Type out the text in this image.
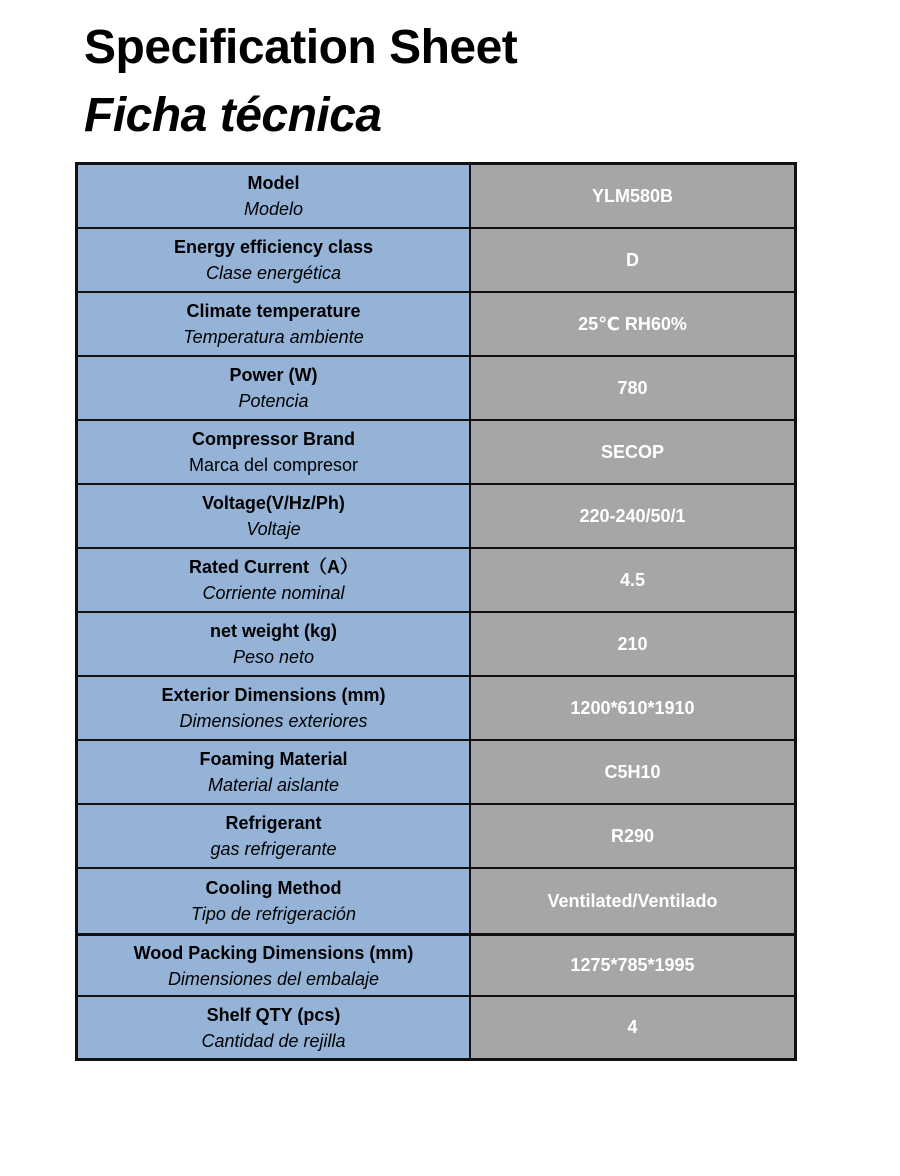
Specification Sheet
Ficha técnica
Model
Modelo
YLM580B
Energy efficiency class
Clase energética
D
Climate temperature
Temperatura ambiente
25℃ RH60%
Power (W)
Potencia
780
Compressor Brand
Marca del compresor
SECOP
Voltage(V/Hz/Ph)
Voltaje
220-240/50/1
Rated Current（A）
Corriente nominal
4.5
net weight (kg)
Peso neto
210
Exterior Dimensions (mm)
Dimensiones exteriores
1200*610*1910
Foaming Material
Material aislante
C5H10
Refrigerant
gas refrigerante
R290
Cooling Method
Tipo de refrigeración
Ventilated/Ventilado
Wood Packing Dimensions (mm)
Dimensiones del embalaje
1275*785*1995
Shelf QTY (pcs)
Cantidad de rejilla
4
